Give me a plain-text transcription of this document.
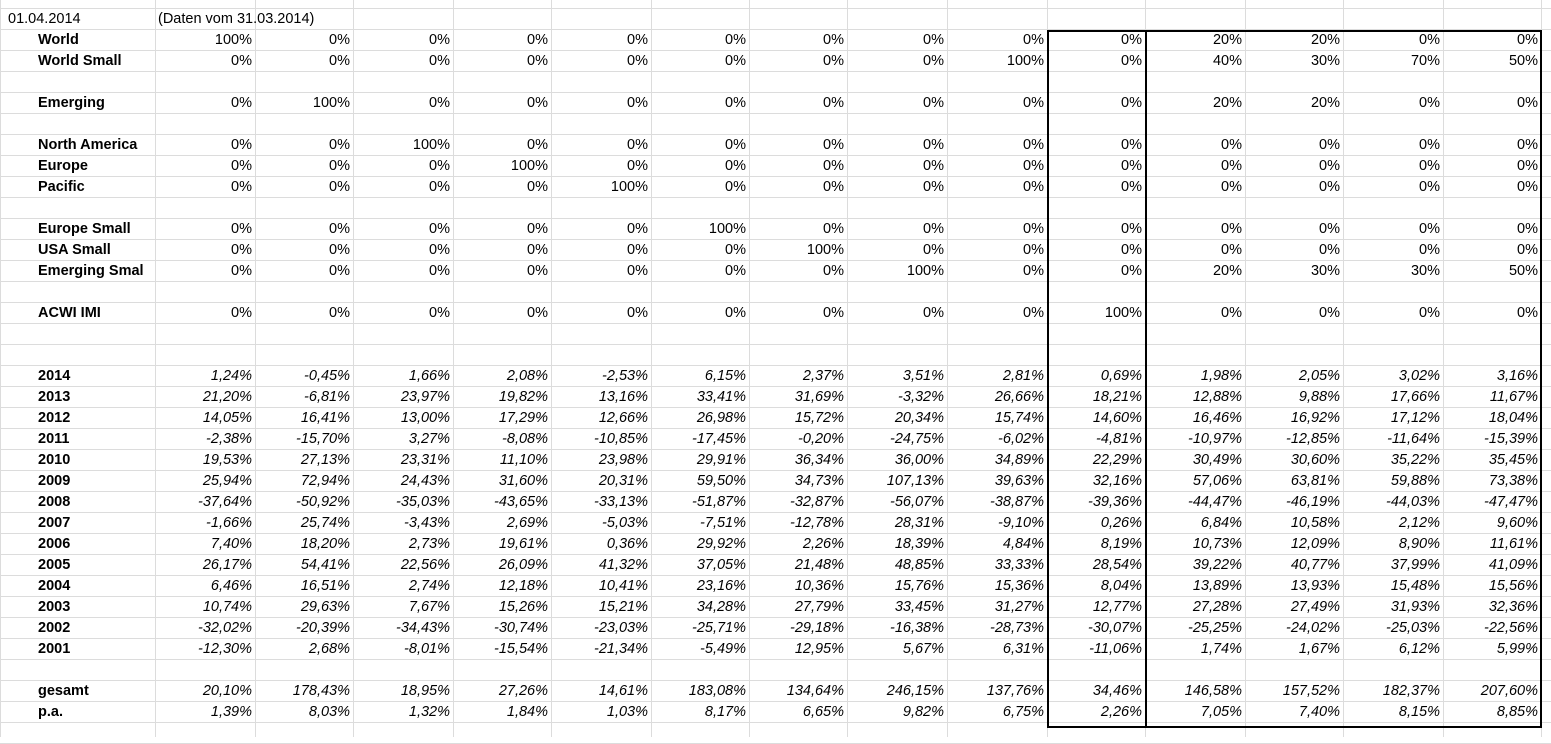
01.04.2014	(Daten vom 31.03.2014)
World	100%	0%	0%	0%	0%	0%	0%	0%	0%	0%	20%	20%	0%	0%
World Small	0%	0%	0%	0%	0%	0%	0%	0%	100%	0%	40%	30%	70%	50%
Emerging	0%	100%	0%	0%	0%	0%	0%	0%	0%	0%	20%	20%	0%	0%
North America	0%	0%	100%	0%	0%	0%	0%	0%	0%	0%	0%	0%	0%	0%
Europe	0%	0%	0%	100%	0%	0%	0%	0%	0%	0%	0%	0%	0%	0%
Pacific	0%	0%	0%	0%	100%	0%	0%	0%	0%	0%	0%	0%	0%	0%
Europe Small	0%	0%	0%	0%	0%	100%	0%	0%	0%	0%	0%	0%	0%	0%
USA Small	0%	0%	0%	0%	0%	0%	100%	0%	0%	0%	0%	0%	0%	0%
Emerging Smal	0%	0%	0%	0%	0%	0%	0%	100%	0%	0%	20%	30%	30%	50%
ACWI IMI	0%	0%	0%	0%	0%	0%	0%	0%	0%	100%	0%	0%	0%	0%
2014	1,24%	-0,45%	1,66%	2,08%	-2,53%	6,15%	2,37%	3,51%	2,81%	0,69%	1,98%	2,05%	3,02%	3,16%
2013	21,20%	-6,81%	23,97%	19,82%	13,16%	33,41%	31,69%	-3,32%	26,66%	18,21%	12,88%	9,88%	17,66%	11,67%
2012	14,05%	16,41%	13,00%	17,29%	12,66%	26,98%	15,72%	20,34%	15,74%	14,60%	16,46%	16,92%	17,12%	18,04%
2011	-2,38%	-15,70%	3,27%	-8,08%	-10,85%	-17,45%	-0,20%	-24,75%	-6,02%	-4,81%	-10,97%	-12,85%	-11,64%	-15,39%
2010	19,53%	27,13%	23,31%	11,10%	23,98%	29,91%	36,34%	36,00%	34,89%	22,29%	30,49%	30,60%	35,22%	35,45%
2009	25,94%	72,94%	24,43%	31,60%	20,31%	59,50%	34,73%	107,13%	39,63%	32,16%	57,06%	63,81%	59,88%	73,38%
2008	-37,64%	-50,92%	-35,03%	-43,65%	-33,13%	-51,87%	-32,87%	-56,07%	-38,87%	-39,36%	-44,47%	-46,19%	-44,03%	-47,47%
2007	-1,66%	25,74%	-3,43%	2,69%	-5,03%	-7,51%	-12,78%	28,31%	-9,10%	0,26%	6,84%	10,58%	2,12%	9,60%
2006	7,40%	18,20%	2,73%	19,61%	0,36%	29,92%	2,26%	18,39%	4,84%	8,19%	10,73%	12,09%	8,90%	11,61%
2005	26,17%	54,41%	22,56%	26,09%	41,32%	37,05%	21,48%	48,85%	33,33%	28,54%	39,22%	40,77%	37,99%	41,09%
2004	6,46%	16,51%	2,74%	12,18%	10,41%	23,16%	10,36%	15,76%	15,36%	8,04%	13,89%	13,93%	15,48%	15,56%
2003	10,74%	29,63%	7,67%	15,26%	15,21%	34,28%	27,79%	33,45%	31,27%	12,77%	27,28%	27,49%	31,93%	32,36%
2002	-32,02%	-20,39%	-34,43%	-30,74%	-23,03%	-25,71%	-29,18%	-16,38%	-28,73%	-30,07%	-25,25%	-24,02%	-25,03%	-22,56%
2001	-12,30%	2,68%	-8,01%	-15,54%	-21,34%	-5,49%	12,95%	5,67%	6,31%	-11,06%	1,74%	1,67%	6,12%	5,99%
gesamt	20,10%	178,43%	18,95%	27,26%	14,61%	183,08%	134,64%	246,15%	137,76%	34,46%	146,58%	157,52%	182,37%	207,60%
p.a.	1,39%	8,03%	1,32%	1,84%	1,03%	8,17%	6,65%	9,82%	6,75%	2,26%	7,05%	7,40%	8,15%	8,85%
